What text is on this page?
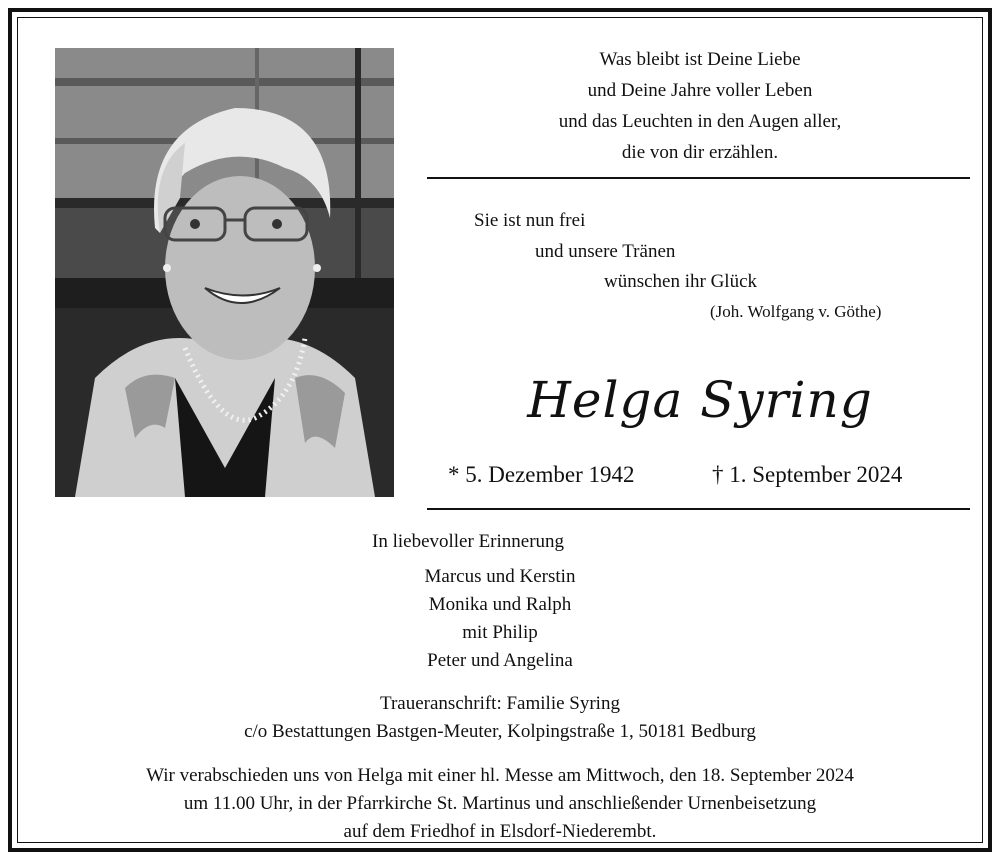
Was bleibt ist Deine Liebe
und Deine Jahre voller Leben
und das Leuchten in den Augen aller,
die von dir erzählen.
Sie ist nun frei
und unsere Tränen
wünschen ihr Glück
(Joh. Wolfgang v. Göthe)
Helga Syring
* 5. Dezember 1942	† 1. September 2024
In liebevoller Erinnerung
Marcus und Kerstin
Monika und Ralph
mit Philip
Peter und Angelina
Traueranschrift: Familie Syring
c/o Bestattungen Bastgen-Meuter, Kolpingstraße 1, 50181 Bedburg
Wir verabschieden uns von Helga mit einer hl. Messe am Mittwoch, den 18. September 2024
um 11.00 Uhr, in der Pfarrkirche St. Martinus und anschließender Urnenbeisetzung
auf dem Friedhof in Elsdorf-Niederembt.
